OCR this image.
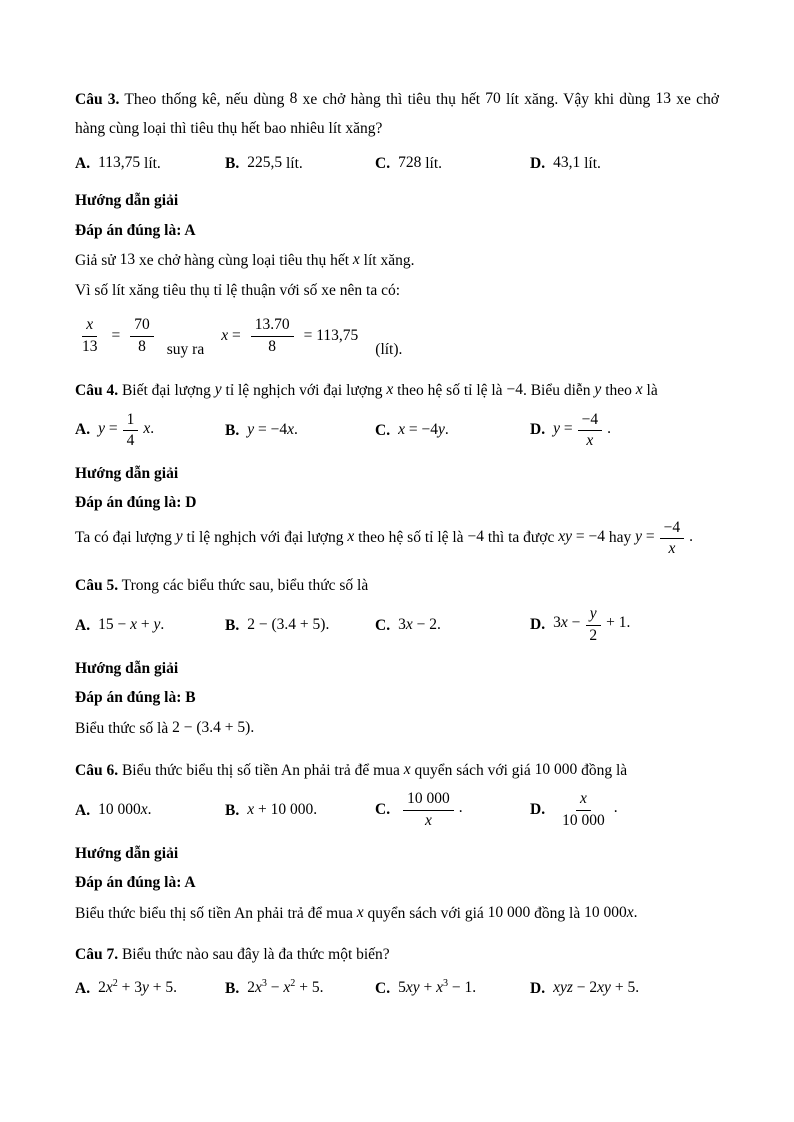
Câu 3. Theo thống kê, nếu dùng 8 xe chở hàng thì tiêu thụ hết 70 lít xăng. Vậy khi dùng 13 xe chở hàng cùng loại thì tiêu thụ hết bao nhiêu lít xăng?

A. 113,75 lít.	B. 225,5 lít.	C. 728 lít.	D. 43,1 lít.

Hướng dẫn giải

Đáp án đúng là: A

Giả sử 13 xe chở hàng cùng loại tiêu thụ hết x lít xăng.

Vì số lít xăng tiêu thụ tỉ lệ thuận với số xe nên ta có:

$\frac{x}{13} = \frac{70}{8}$ suy ra
$x = \frac{13.70}{8} = 113,75$
(lít).

Câu 4. Biết đại lượng y tỉ lệ nghịch với đại lượng x theo hệ số tỉ lệ là −4. Biểu diễn y theo x là

A. $y = \frac{1}{4} x$.	B. y = −4x.	C. x = −4y.	D. $y = \frac{-4}{x}$ .

Hướng dẫn giải

Đáp án đúng là: D

Ta có đại lượng y tỉ lệ nghịch với đại lượng x theo hệ số tỉ lệ là −4 thì ta được xy = −4 hay $y = \frac{-4}{x}$ .

Câu 5. Trong các biểu thức sau, biểu thức số là

A. 15 − x + y.	B. 2 − (3.4 + 5).	C. 3x − 2.	D. $3x - \frac{y}{2} + 1$.

Hướng dẫn giải

Đáp án đúng là: B

Biểu thức số là 2 − (3.4 + 5).

Câu 6. Biểu thức biểu thị số tiền An phải trả để mua x quyển sách với giá 10 000 đồng là

A. 10 000x.	B. x + 10 000.	C. $\frac{10 000}{x}$ .	D. $\frac{x}{10 000}$ .

Hướng dẫn giải

Đáp án đúng là: A

Biểu thức biểu thị số tiền An phải trả để mua x quyển sách với giá 10 000 đồng là 10 000x.

Câu 7. Biểu thức nào sau đây là đa thức một biến?

A. $2x^2 + 3y + 5$.	B. $2x^3 - x^2 + 5$.	C. $5xy + x^3 - 1$.	D. xyz − 2xy + 5.
